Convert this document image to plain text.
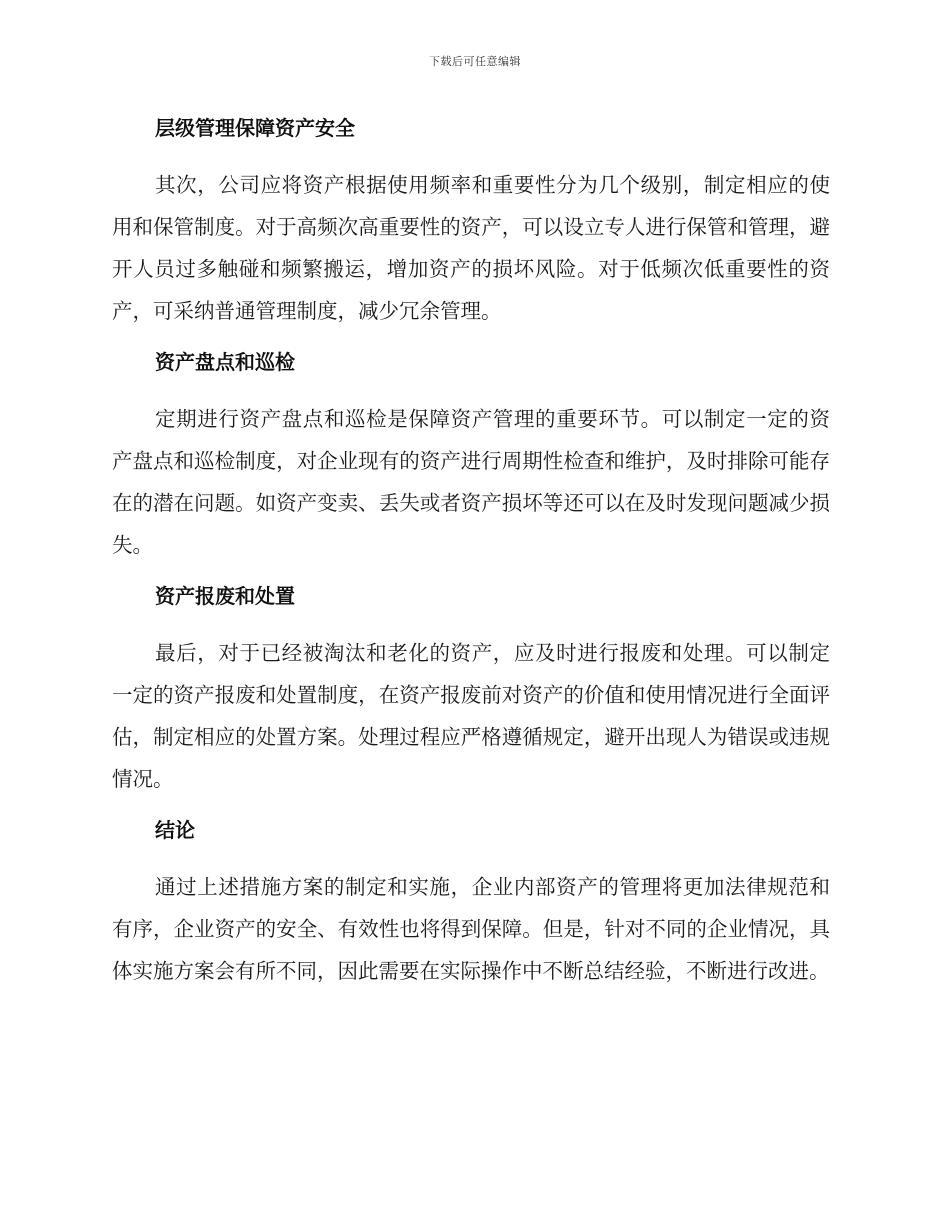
下载后可任意编辑
层级管理保障资产安全

其次，公司应将资产根据使用频率和重要性分为几个级别，制定相应的使用和保管制度。对于高频次高重要性的资产，可以设立专人进行保管和管理，避开人员过多触碰和频繁搬运，增加资产的损坏风险。对于低频次低重要性的资产，可采纳普通管理制度，减少冗余管理。

资产盘点和巡检

定期进行资产盘点和巡检是保障资产管理的重要环节。可以制定一定的资产盘点和巡检制度，对企业现有的资产进行周期性检查和维护，及时排除可能存在的潜在问题。如资产变卖、丢失或者资产损坏等还可以在及时发现问题减少损失。

资产报废和处置

最后，对于已经被淘汰和老化的资产，应及时进行报废和处理。可以制定一定的资产报废和处置制度，在资产报废前对资产的价值和使用情况进行全面评估，制定相应的处置方案。处理过程应严格遵循规定，避开出现人为错误或违规情况。

结论

通过上述措施方案的制定和实施，企业内部资产的管理将更加法律规范和有序，企业资产的安全、有效性也将得到保障。但是，针对不同的企业情况，具体实施方案会有所不同，因此需要在实际操作中不断总结经验，不断进行改进。
